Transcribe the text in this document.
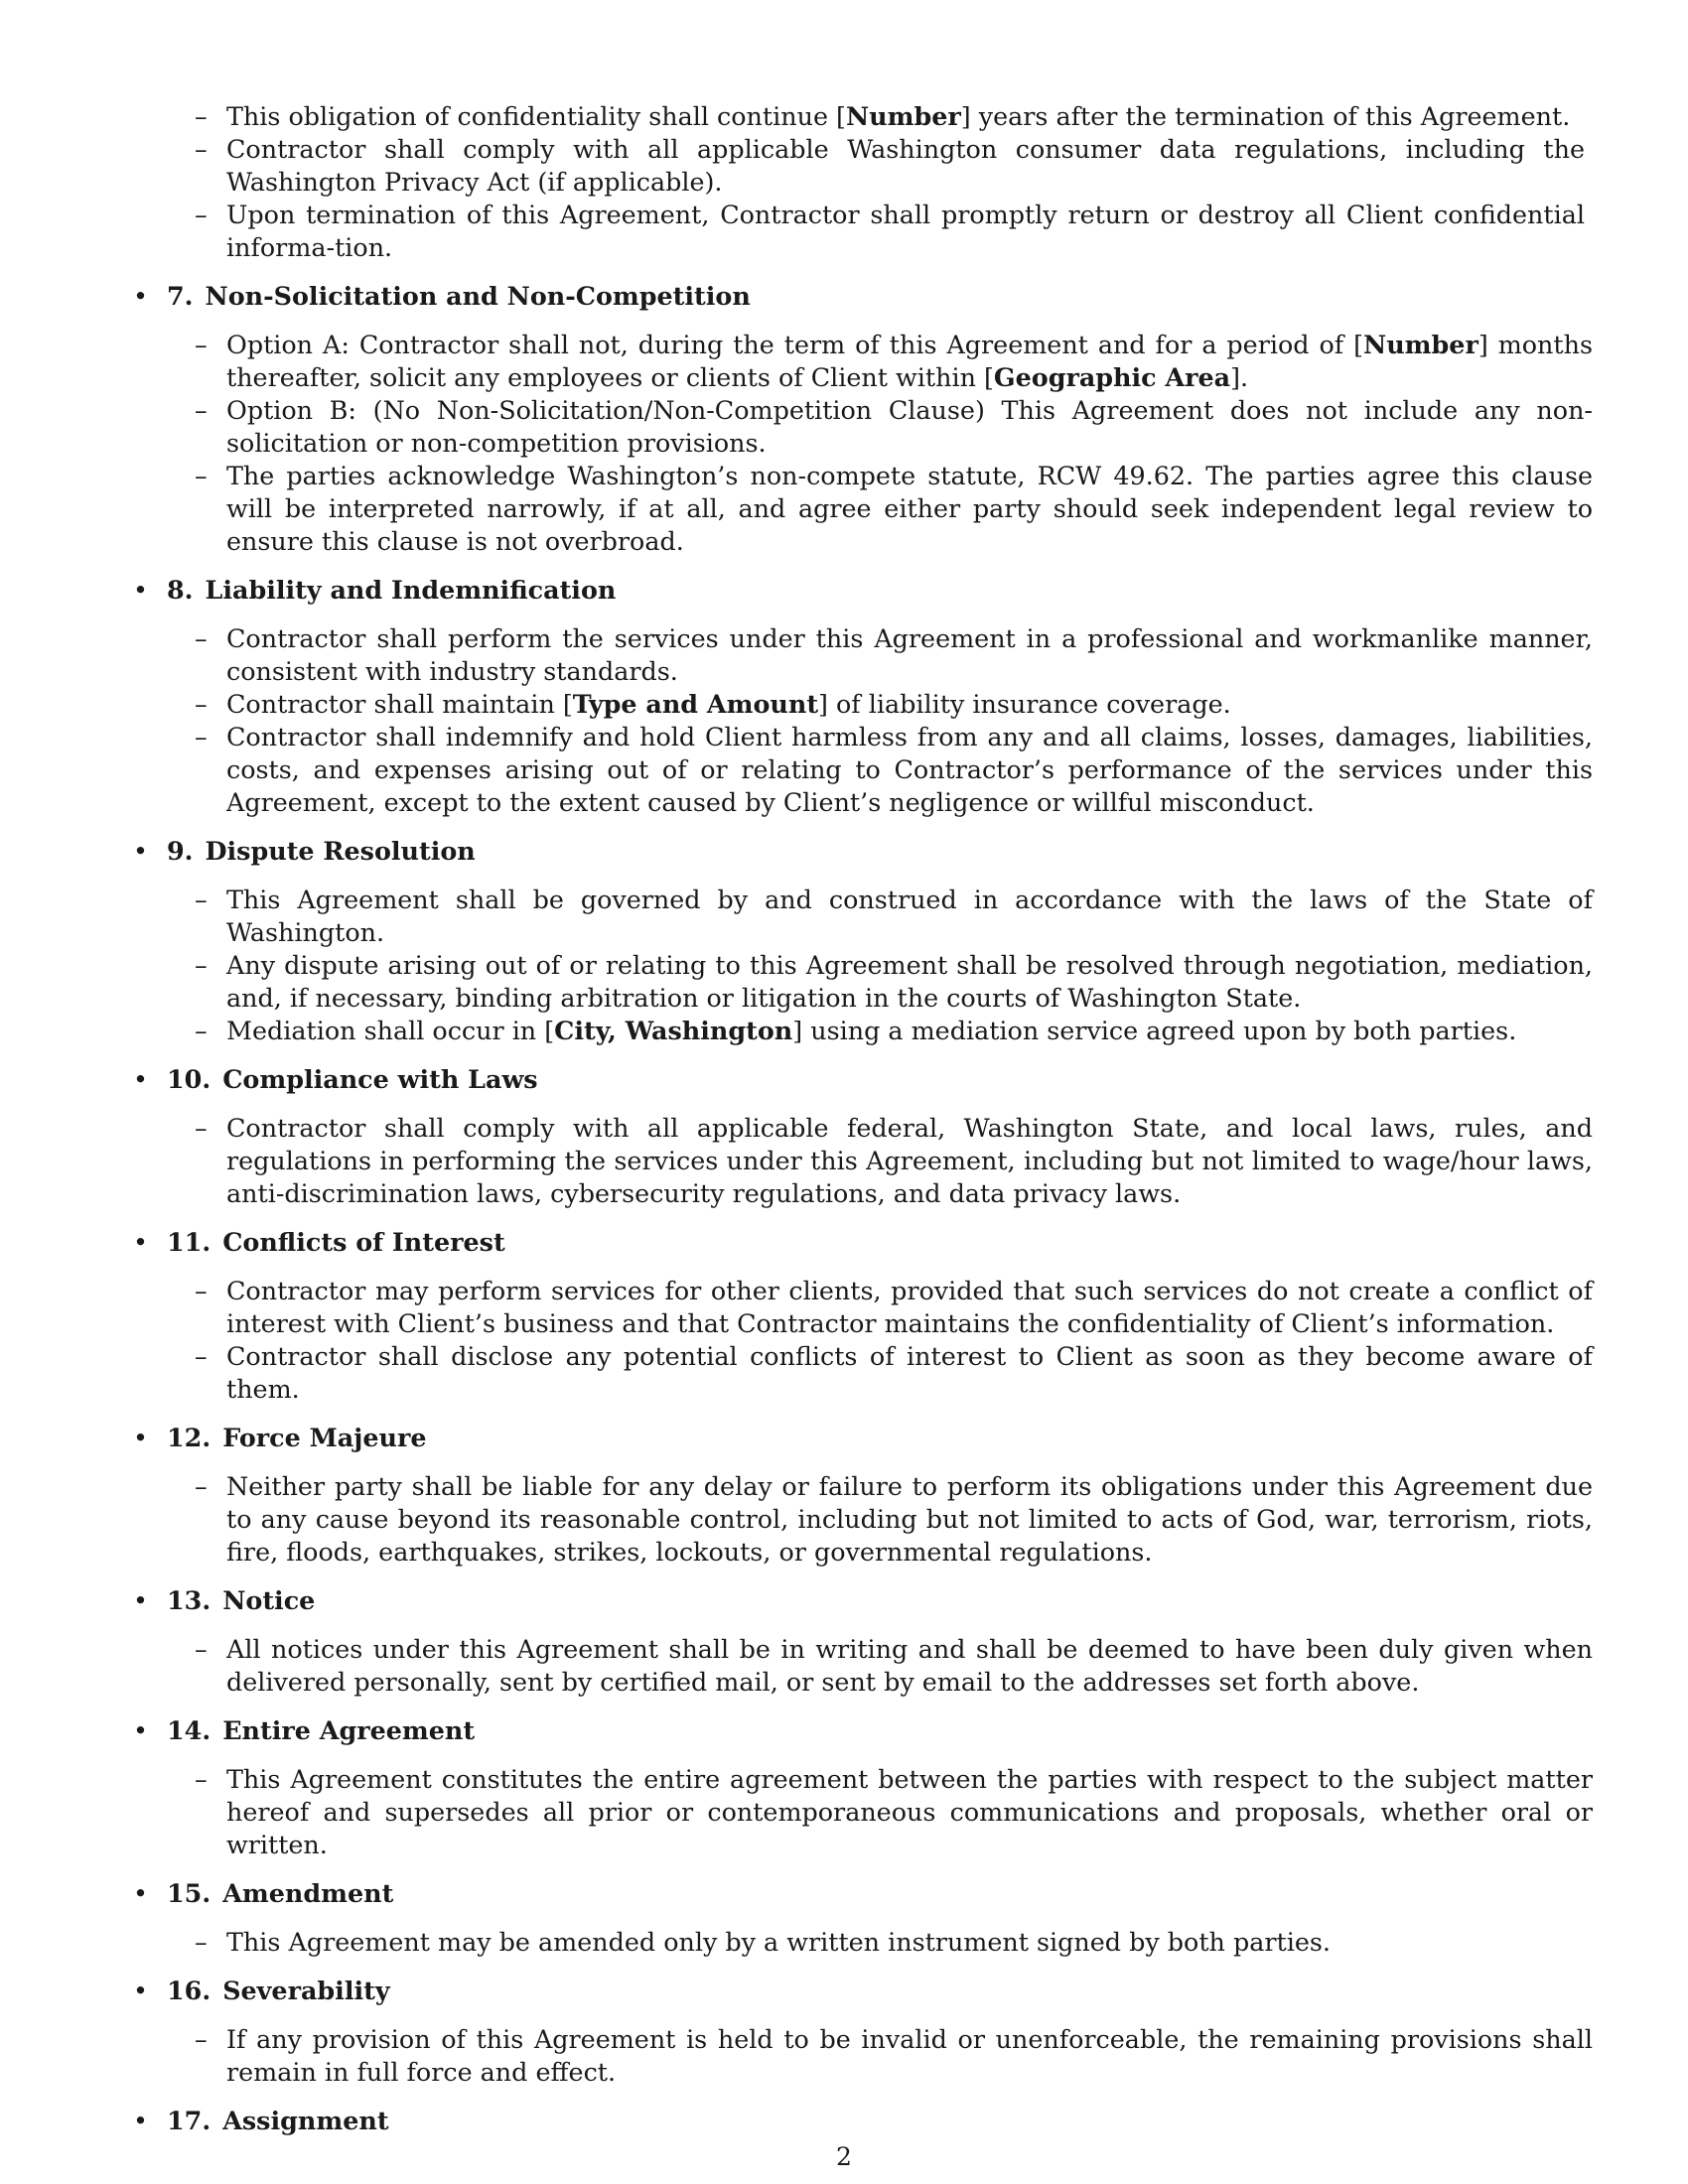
– This obligation of confidentiality shall continue [Number] years after the termination of this Agreement.

– Contractor shall comply with all applicable Washington consumer data regulations, including the Washington Privacy Act (if applicable).

– Upon termination of this Agreement, Contractor shall promptly return or destroy all Client confidential informa-tion.

• 7. Non-Solicitation and Non-Competition

– Option A: Contractor shall not, during the term of this Agreement and for a period of [Number] months thereafter, solicit any employees or clients of Client within [Geographic Area].

– Option B: (No Non-Solicitation/Non-Competition Clause) This Agreement does not include any non-solicitation or non-competition provisions.

– The parties acknowledge Washington’s non-compete statute, RCW 49.62. The parties agree this clause will be interpreted narrowly, if at all, and agree either party should seek independent legal review to ensure this clause is not overbroad.

• 8. Liability and Indemnification

– Contractor shall perform the services under this Agreement in a professional and workmanlike manner, consistent with industry standards.

– Contractor shall maintain [Type and Amount] of liability insurance coverage.

– Contractor shall indemnify and hold Client harmless from any and all claims, losses, damages, liabilities, costs, and expenses arising out of or relating to Contractor’s performance of the services under this Agreement, except to the extent caused by Client’s negligence or willful misconduct.

• 9. Dispute Resolution

– This Agreement shall be governed by and construed in accordance with the laws of the State of Washington.

– Any dispute arising out of or relating to this Agreement shall be resolved through negotiation, mediation, and, if necessary, binding arbitration or litigation in the courts of Washington State.

– Mediation shall occur in [City, Washington] using a mediation service agreed upon by both parties.

• 10. Compliance with Laws

– Contractor shall comply with all applicable federal, Washington State, and local laws, rules, and regulations in performing the services under this Agreement, including but not limited to wage/hour laws, anti-discrimination laws, cybersecurity regulations, and data privacy laws.

• 11. Conflicts of Interest

– Contractor may perform services for other clients, provided that such services do not create a conflict of interest with Client’s business and that Contractor maintains the confidentiality of Client’s information.

– Contractor shall disclose any potential conflicts of interest to Client as soon as they become aware of them.

• 12. Force Majeure

– Neither party shall be liable for any delay or failure to perform its obligations under this Agreement due to any cause beyond its reasonable control, including but not limited to acts of God, war, terrorism, riots, fire, floods, earthquakes, strikes, lockouts, or governmental regulations.

• 13. Notice

– All notices under this Agreement shall be in writing and shall be deemed to have been duly given when delivered personally, sent by certified mail, or sent by email to the addresses set forth above.

• 14. Entire Agreement

– This Agreement constitutes the entire agreement between the parties with respect to the subject matter hereof and supersedes all prior or contemporaneous communications and proposals, whether oral or written.

• 15. Amendment

– This Agreement may be amended only by a written instrument signed by both parties.

• 16. Severability

– If any provision of this Agreement is held to be invalid or unenforceable, the remaining provisions shall remain in full force and effect.

• 17. Assignment
2
